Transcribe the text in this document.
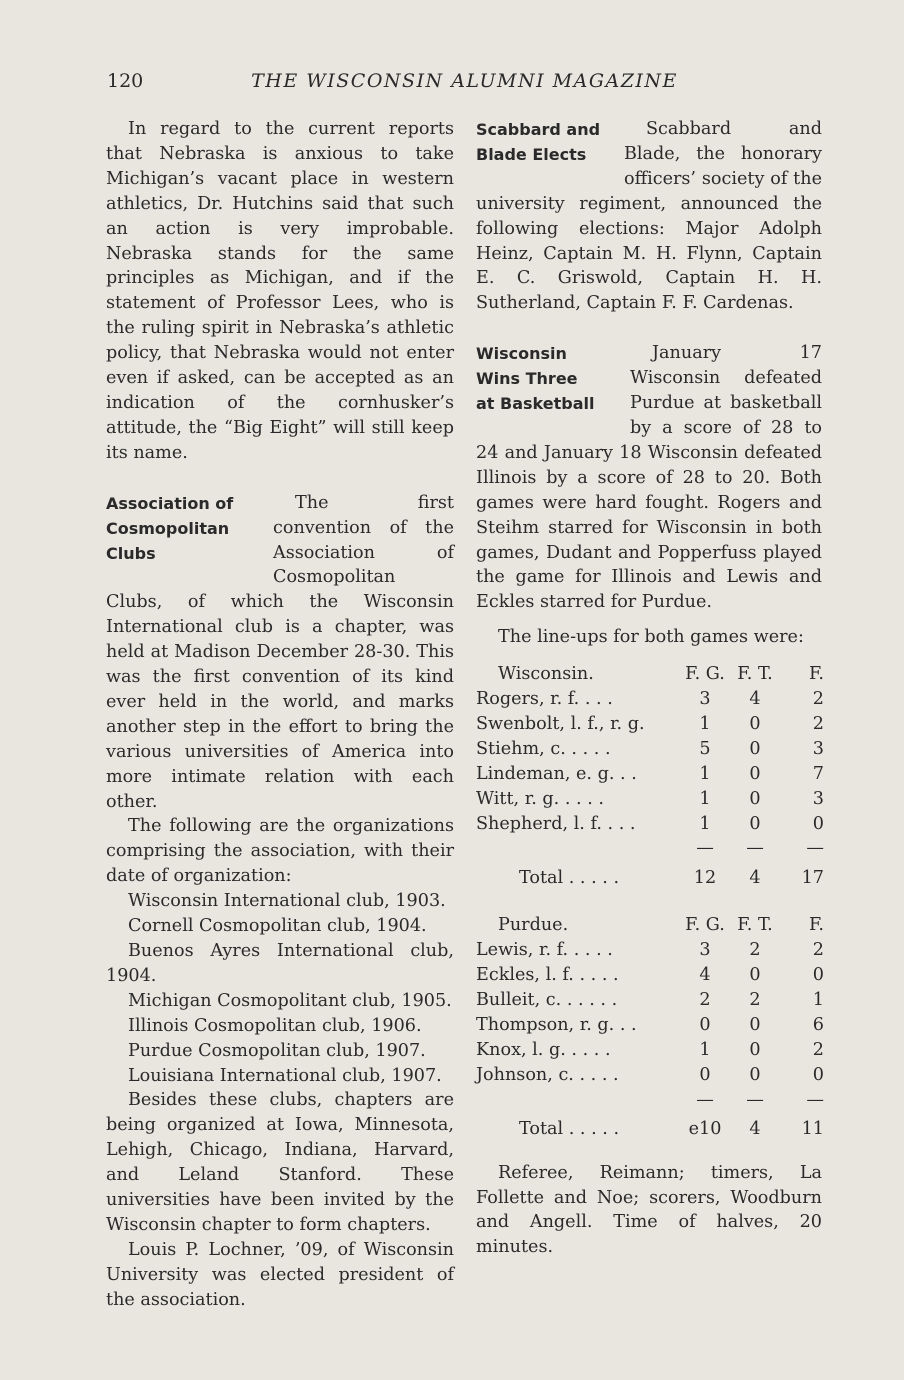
120	THE WISCONSIN ALUMNI MAGAZINE

In regard to the current reports that Nebraska is anxious to take Michigan’s vacant place in western athletics, Dr. Hutchins said that such an action is very improbable. Nebraska stands for the same principles as Michigan, and if the statement of Professor Lees, who is the ruling spirit in Nebraska’s athletic policy, that Nebraska would not enter even if asked, can be accepted as an indication of the cornhusker’s attitude, the “Big Eight” will still keep its name.

Association of
Cosmopolitan
Clubs

The first convention of the Association of Cosmopolitan Clubs, of which the Wisconsin International club is a chapter, was held at Madison December 28-30. This was the first convention of its kind ever held in the world, and marks another step in the effort to bring the various universities of America into more intimate relation with each other.

The following are the organizations comprising the association, with their date of organization:

Wisconsin International club, 1903.

Cornell Cosmopolitan club, 1904.

Buenos Ayres International club, 1904.

Michigan Cosmopolitant club, 1905.

Illinois Cosmopolitan club, 1906.

Purdue Cosmopolitan club, 1907.

Louisiana International club, 1907.

Besides these clubs, chapters are being organized at Iowa, Minnesota, Lehigh, Chicago, Indiana, Harvard, and Leland Stanford. These universities have been invited by the Wisconsin chapter to form chapters.

Louis P. Lochner, ’09, of Wisconsin University was elected president of the association.

Scabbard and
Blade Elects

Scabbard and Blade, the honorary officers’ society of the university regiment, announced the following elections: Major Adolph Heinz, Captain M. H. Flynn, Captain E. C. Griswold, Captain H. H. Sutherland, Captain F. F. Cardenas.

Wisconsin
Wins Three
at Basketball

January 17 Wisconsin defeated Purdue at basketball by a score of 28 to 24 and January 18 Wisconsin defeated Illinois by a score of 28 to 20. Both games were hard fought. Rogers and Steihm starred for Wisconsin in both games, Dudant and Popperfuss played the game for Illinois and Lewis and Eckles starred for Purdue.

The line-ups for both games were:

Wisconsin.	F. G.	F. T.	F.
Rogers, r. f. . . .	3	4	2
Swenbolt, l. f., r. g.	1	0	2
Stiehm, c. . . . .	5	0	3
Lindeman, e. g. . .	1	0	7
Witt, r. g. . . . .	1	0	3
Shepherd, l. f. . . .	1	0	0
	—	—	—
Total . . . . .	12	4	17
Purdue.	F. G.	F. T.	F.
Lewis, r. f. . . . .	3	2	2
Eckles, l. f. . . . .	4	0	0
Bulleit, c. . . . . .	2	2	1
Thompson, r. g. . .	0	0	6
Knox, l. g. . . . .	1	0	2
Johnson, c. . . . .	0	0	0
	—	—	—
Total . . . . .	e10	4	11

Referee, Reimann; timers, La Follette and Noe; scorers, Woodburn and Angell. Time of halves, 20 minutes.
